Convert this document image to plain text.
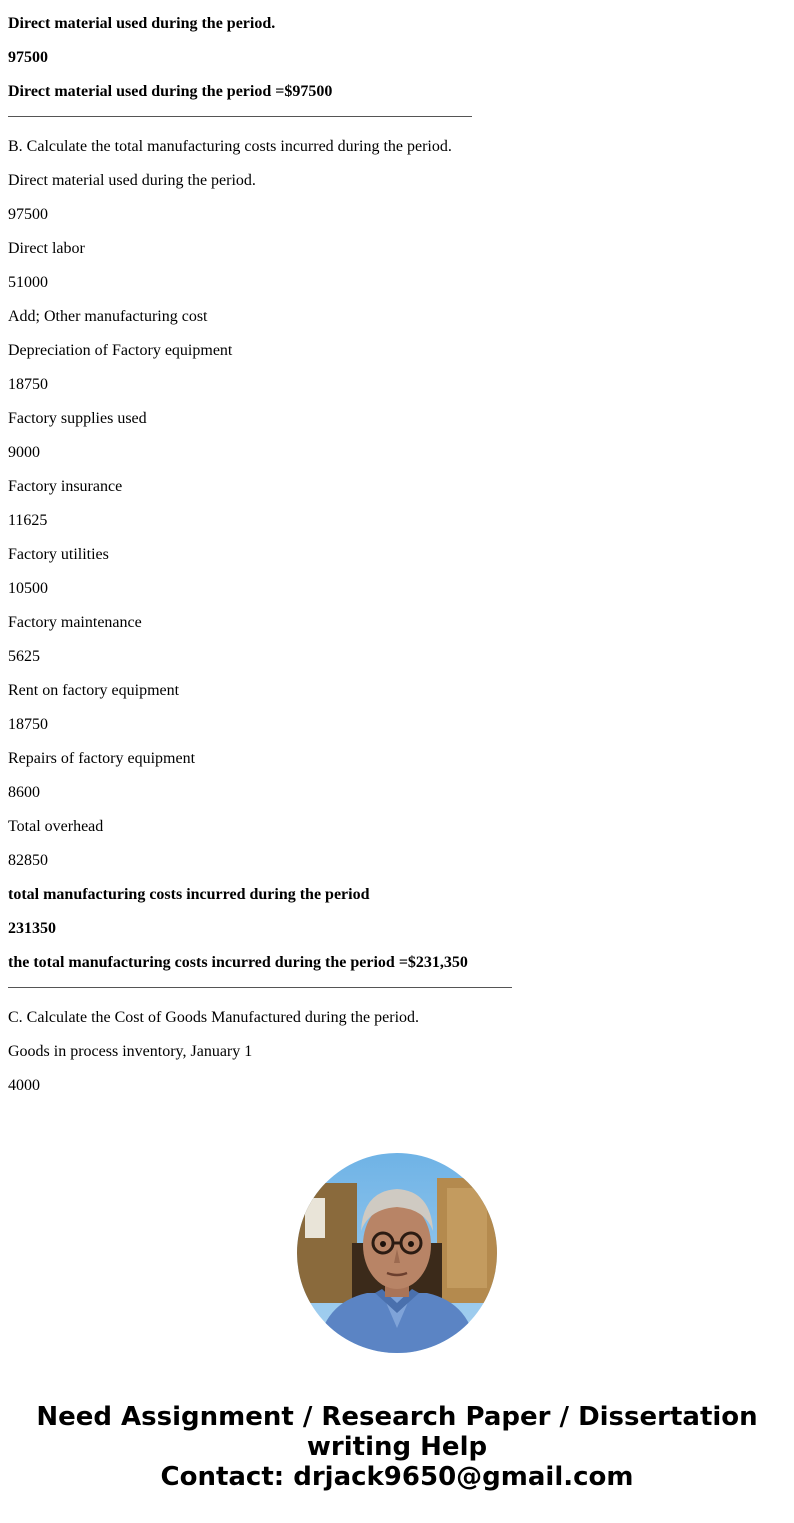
Direct material used during the period.
97500
Direct material used during the period =$97500
B. Calculate the total manufacturing costs incurred during the period.
Direct material used during the period.
97500
Direct labor
51000
Add; Other manufacturing cost
Depreciation of Factory equipment
18750
Factory supplies used
9000
Factory insurance
11625
Factory utilities
10500
Factory maintenance
5625
Rent on factory equipment
18750
Repairs of factory equipment
8600
Total overhead
82850
total manufacturing costs incurred during the period
231350
the total manufacturing costs incurred during the period =$231,350
C. Calculate the Cost of Goods Manufactured during the period.
Goods in process inventory, January 1
4000
Need Assignment / Research Paper / Dissertation
writing Help
Contact: drjack9650@gmail.com
